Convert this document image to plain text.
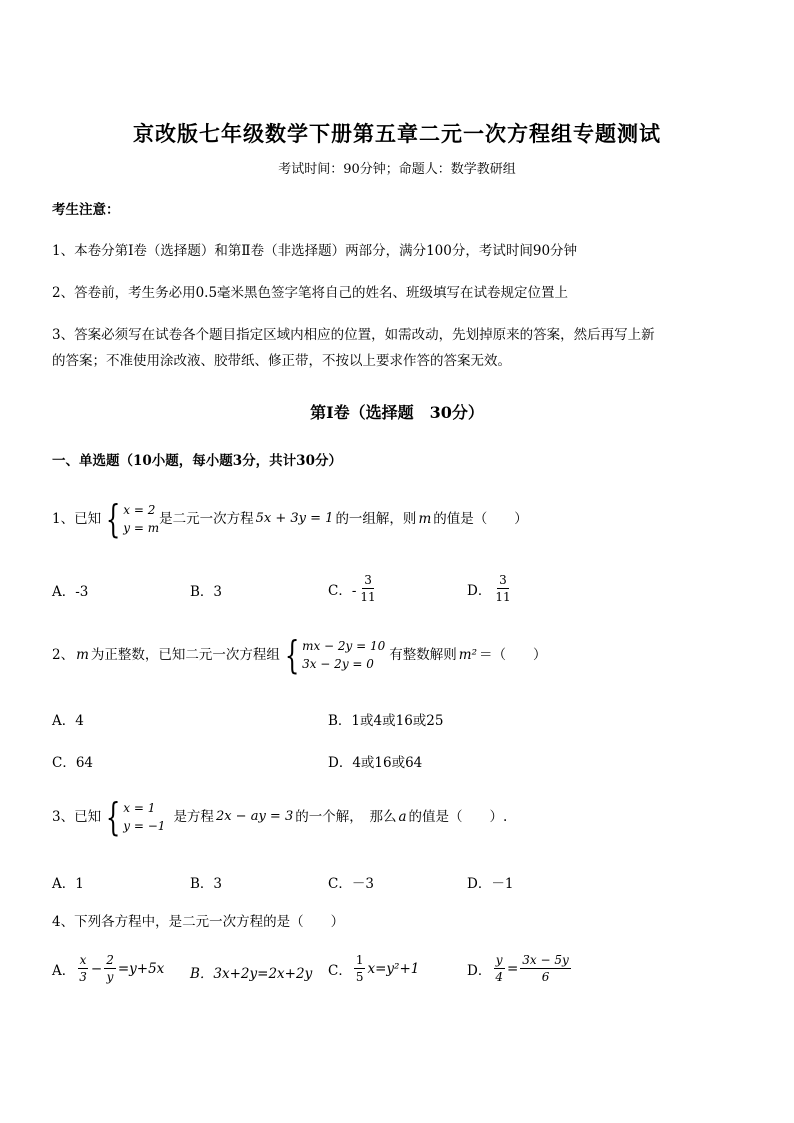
京改版七年级数学下册第五章二元一次方程组专题测试
考试时间：90分钟；命题人：数学教研组
考生注意：
1、本卷分第Ⅰ卷（选择题）和第Ⅱ卷（非选择题）两部分，满分100分，考试时间90分钟
2、答卷前，考生务必用0.5毫米黑色签字笔将自己的姓名、班级填写在试卷规定位置上
3、答案必须写在试卷各个题目指定区域内相应的位置，如需改动，先划掉原来的答案，然后再写上新
的答案；不准使用涂改液、胶带纸、修正带，不按以上要求作答的答案无效。
第Ⅰ卷（选择题　30分）
一、单选题（10小题，每小题3分，共计30分）
1、已知 { x = 2
y = m
是二元一次方程 5x + 3y = 1 的一组解，则 m 的值是（　　）
A．-3	B．3	C．- $\frac{3}{11}$	D． $\frac{3}{11}$
2、 m 为正整数，已知二元一次方程组 { mx − 2y = 10
3x − 2y = 0
有整数解则 m² ＝（　　）
A．4	B．1或4或16或25
C．64	D．4或16或64
3、已知 { x = 1
y = −1
是方程 2x − ay = 3 的一个解，　那么 a 的值是（　　）.
A．1	B．3	C．－3	D．－1
4、下列各方程中，是二元一次方程的是（　　）
A． $\frac{x}{3} - \frac{2}{y} =y+5x$ B．3x+2y=2x+2y C． $\frac{1}{5} x=y^2+1$	D． $\frac{y}{4} = \frac{3x - 5y}{6}$
